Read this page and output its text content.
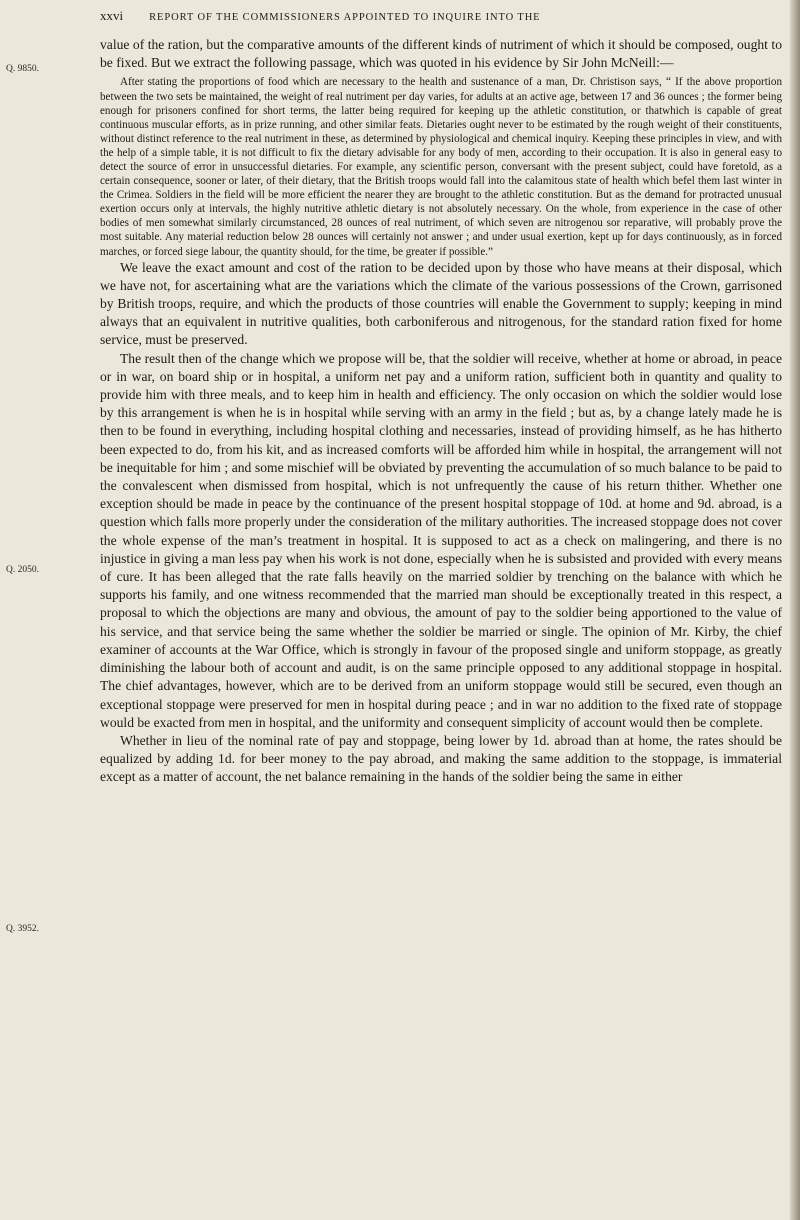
xxvi REPORT OF THE COMMISSIONERS APPOINTED TO INQUIRE INTO THE
Q. 9850.
Q. 2050.
Q. 3952.

value of the ration, but the comparative amounts of the different kinds of nutriment of which it should be composed, ought to be fixed. But we extract the following passage, which was quoted in his evidence by Sir John McNeill:—

After stating the proportions of food which are necessary to the health and sustenance of a man, Dr. Christison says, “ If the above proportion between the two sets be maintained, the weight of real nutriment per day varies, for adults at an active age, between 17 and 36 ounces ; the former being enough for prisoners confined for short terms, the latter being required for keeping up the athletic constitution, or thatwhich is capable of great continuous muscular efforts, as in prize running, and other similar feats. Dietaries ought never to be estimated by the rough weight of their constituents, without distinct reference to the real nutriment in these, as determined by physiological and chemical inquiry. Keeping these principles in view, and with the help of a simple table, it is not difficult to fix the dietary advisable for any body of men, according to their occupation. It is also in general easy to detect the source of error in unsuccessful dietaries. For example, any scientific person, conversant with the present subject, could have foretold, as a certain consequence, sooner or later, of their dietary, that the British troops would fall into the calamitous state of health which befel them last winter in the Crimea. Soldiers in the field will be more efficient the nearer they are brought to the athletic constitution. But as the demand for protracted unusual exertion occurs only at intervals, the highly nutritive athletic dietary is not absolutely necessary. On the whole, from experience in the case of other bodies of men somewhat similarly circumstanced, 28 ounces of real nutriment, of which seven are nitrogenou sor reparative, will probably prove the most suitable. Any material reduction below 28 ounces will certainly not answer ; and under usual exertion, kept up for days continuously, as in forced marches, or forced siege labour, the quantity should, for the time, be greater if possible.”

We leave the exact amount and cost of the ration to be decided upon by those who have means at their disposal, which we have not, for ascertaining what are the variations which the climate of the various possessions of the Crown, garrisoned by British troops, require, and which the products of those countries will enable the Government to supply; keeping in mind always that an equivalent in nutritive qualities, both carboniferous and nitrogenous, for the standard ration fixed for home service, must be preserved.

The result then of the change which we propose will be, that the soldier will receive, whether at home or abroad, in peace or in war, on board ship or in hospital, a uniform net pay and a uniform ration, sufficient both in quantity and quality to provide him with three meals, and to keep him in health and efficiency. The only occasion on which the soldier would lose by this arrangement is when he is in hospital while serving with an army in the field ; but as, by a change lately made he is then to be found in everything, including hospital clothing and necessaries, instead of providing himself, as he has hitherto been expected to do, from his kit, and as increased comforts will be afforded him while in hospital, the arrangement will not be inequitable for him ; and some mischief will be obviated by preventing the accumulation of so much balance to be paid to the convalescent when dismissed from hospital, which is not unfrequently the cause of his return thither. Whether one exception should be made in peace by the continuance of the present hospital stoppage of 10d. at home and 9d. abroad, is a question which falls more properly under the consideration of the military authorities. The increased stoppage does not cover the whole expense of the man’s treatment in hospital. It is supposed to act as a check on malingering, and there is no injustice in giving a man less pay when his work is not done, especially when he is subsisted and provided with every means of cure. It has been alleged that the rate falls heavily on the married soldier by trenching on the balance with which he supports his family, and one witness recommended that the married man should be exceptionally treated in this respect, a proposal to which the objections are many and obvious, the amount of pay to the soldier being apportioned to the value of his service, and that service being the same whether the soldier be married or single. The opinion of Mr. Kirby, the chief examiner of accounts at the War Office, which is strongly in favour of the proposed single and uniform stoppage, as greatly diminishing the labour both of account and audit, is on the same principle opposed to any additional stoppage in hospital. The chief advantages, however, which are to be derived from an uniform stoppage would still be secured, even though an exceptional stoppage were preserved for men in hospital during peace ; and in war no addition to the fixed rate of stoppage would be exacted from men in hospital, and the uniformity and consequent simplicity of account would then be complete.

Whether in lieu of the nominal rate of pay and stoppage, being lower by 1d. abroad than at home, the rates should be equalized by adding 1d. for beer money to the pay abroad, and making the same addition to the stoppage, is immaterial except as a matter of account, the net balance remaining in the hands of the soldier being the same in either
